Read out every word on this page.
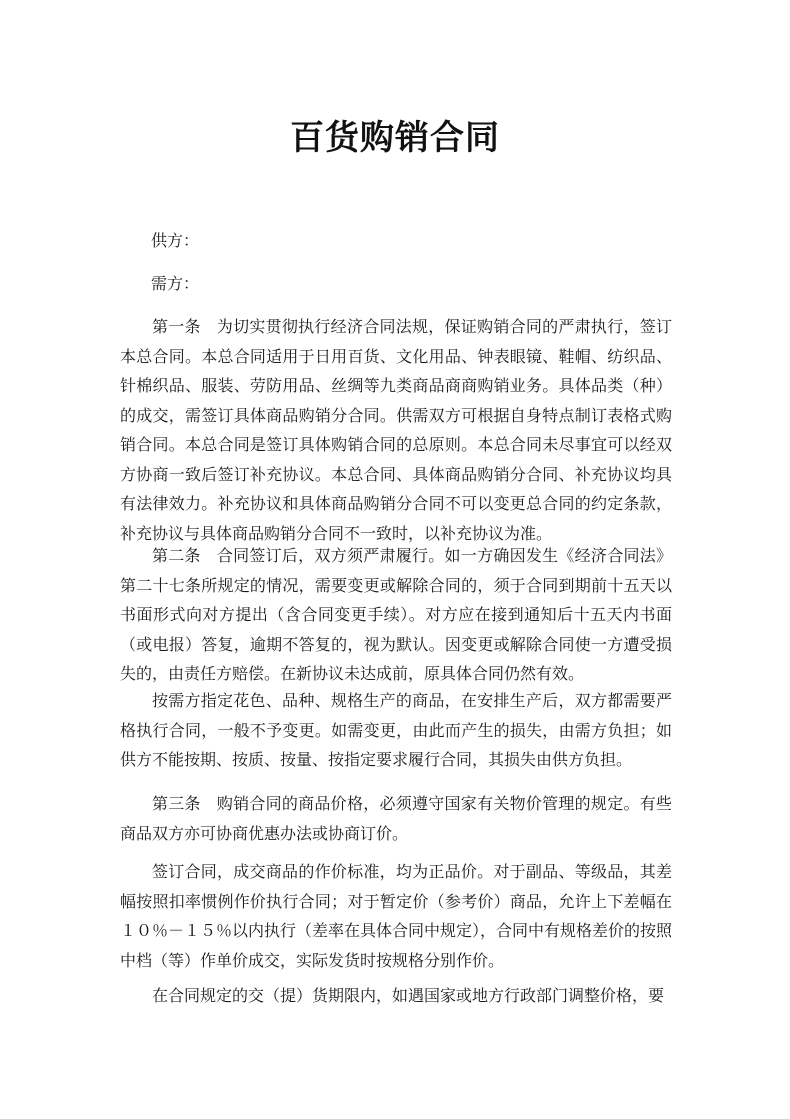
百货购销合同
供方：
需方：

第一条 为切实贯彻执行经济合同法规，保证购销合同的严肃执行，签订本总合同。本总合同适用于日用百货、文化用品、钟表眼镜、鞋帽、纺织品、针棉织品、服装、劳防用品、丝绸等九类商品商商购销业务。具体品类（种）的成交，需签订具体商品购销分合同。供需双方可根据自身特点制订表格式购销合同。本总合同是签订具体购销合同的总原则。本总合同未尽事宜可以经双方协商一致后签订补充协议。本总合同、具体商品购销分合同、补充协议均具有法律效力。补充协议和具体商品购销分合同不可以变更总合同的约定条款，补充协议与具体商品购销分合同不一致时，以补充协议为准。

第二条 合同签订后，双方须严肃履行。如一方确因发生《经济合同法》第二十七条所规定的情况，需要变更或解除合同的，须于合同到期前十五天以书面形式向对方提出（含合同变更手续）。对方应在接到通知后十五天内书面（或电报）答复，逾期不答复的，视为默认。因变更或解除合同使一方遭受损失的，由责任方赔偿。在新协议未达成前，原具体合同仍然有效。

按需方指定花色、品种、规格生产的商品，在安排生产后，双方都需要严格执行合同，一般不予变更。如需变更，由此而产生的损失，由需方负担；如供方不能按期、按质、按量、按指定要求履行合同，其损失由供方负担。

第三条 购销合同的商品价格，必须遵守国家有关物价管理的规定。有些商品双方亦可协商优惠办法或协商订价。

签订合同，成交商品的作价标准，均为正品价。对于副品、等级品，其差幅按照扣率惯例作价执行合同；对于暂定价（参考价）商品，允许上下差幅在１０％－１５％以内执行（差率在具体合同中规定），合同中有规格差价的按照中档（等）作单价成交，实际发货时按规格分别作价。

在合同规定的交（提）货期限内，如遇国家或地方行政部门调整价格，要
